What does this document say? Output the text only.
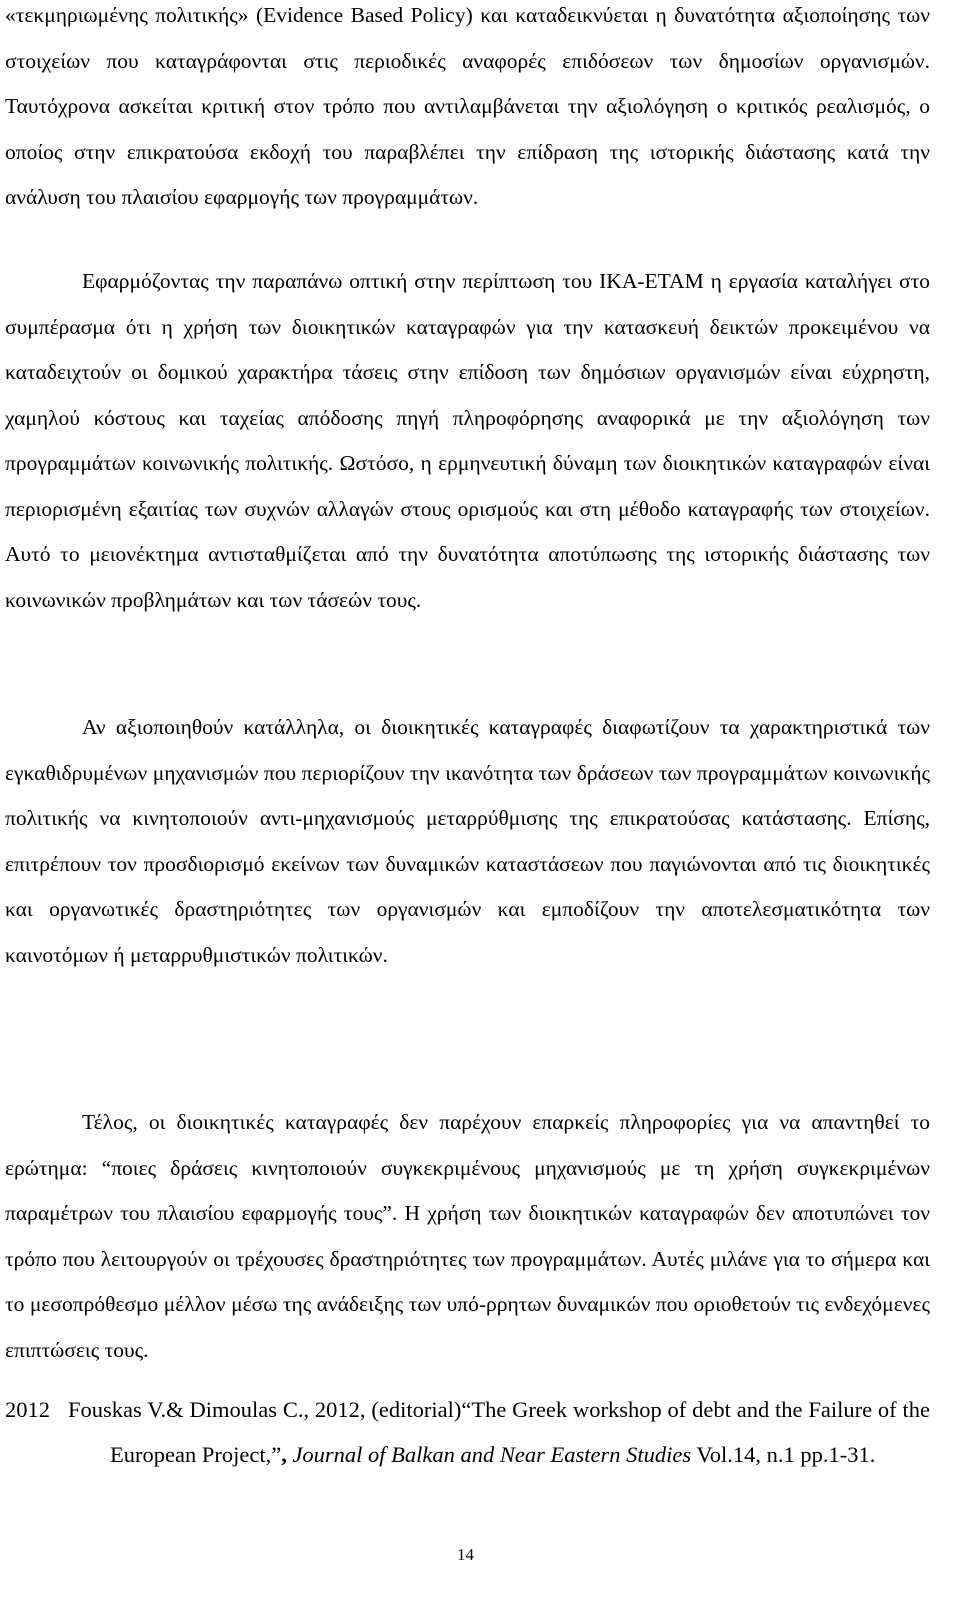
«τεκμηριωμένης πολιτικής» (Evidence Based Policy) και καταδεικνύεται η δυνατότητα αξιοποίησης των στοιχείων που καταγράφονται στις περιοδικές αναφορές επιδόσεων των δημοσίων οργανισμών. Ταυτόχρονα ασκείται κριτική στον τρόπο που αντιλαμβάνεται την αξιολόγηση ο κριτικός ρεαλισμός, ο οποίος στην επικρατούσα εκδοχή του παραβλέπει την επίδραση της ιστορικής διάστασης κατά την ανάλυση του πλαισίου εφαρμογής των προγραμμάτων.

Εφαρμόζοντας την παραπάνω οπτική στην περίπτωση του ΙΚΑ-ΕΤΑΜ η εργασία καταλήγει στο συμπέρασμα ότι η χρήση των διοικητικών καταγραφών για την κατασκευή δεικτών προκειμένου να καταδειχτούν οι δομικού χαρακτήρα τάσεις στην επίδοση των δημόσιων οργανισμών είναι εύχρηστη, χαμηλού κόστους και ταχείας απόδοσης πηγή πληροφόρησης αναφορικά με την αξιολόγηση των προγραμμάτων κοινωνικής πολιτικής. Ωστόσο, η ερμηνευτική δύναμη των διοικητικών καταγραφών είναι περιορισμένη εξαιτίας των συχνών αλλαγών στους ορισμούς και στη μέθοδο καταγραφής των στοιχείων. Αυτό το μειονέκτημα αντισταθμίζεται από την δυνατότητα αποτύπωσης της ιστορικής διάστασης των κοινωνικών προβλημάτων και των τάσεών τους.

Αν αξιοποιηθούν κατάλληλα, οι διοικητικές καταγραφές διαφωτίζουν τα χαρακτηριστικά των εγκαθιδρυμένων μηχανισμών που περιορίζουν την ικανότητα των δράσεων των προγραμμάτων κοινωνικής πολιτικής να κινητοποιούν αντι-μηχανισμούς μεταρρύθμισης της επικρατούσας κατάστασης. Επίσης, επιτρέπουν τον προσδιορισμό εκείνων των δυναμικών καταστάσεων που παγιώνονται από τις διοικητικές και οργανωτικές δραστηριότητες των οργανισμών και εμποδίζουν την αποτελεσματικότητα των καινοτόμων ή μεταρρυθμιστικών πολιτικών.

Τέλος, οι διοικητικές καταγραφές δεν παρέχουν επαρκείς πληροφορίες για να απαντηθεί το ερώτημα: “ποιες δράσεις κινητοποιούν συγκεκριμένους μηχανισμούς με τη χρήση συγκεκριμένων παραμέτρων του πλαισίου εφαρμογής τους”. Η χρήση των διοικητικών καταγραφών δεν αποτυπώνει τον τρόπο που λειτουργούν οι τρέχουσες δραστηριότητες των προγραμμάτων. Αυτές μιλάνε για το σήμερα και το μεσοπρόθεσμο μέλλον μέσω της ανάδειξης των υπό-ρρητων δυναμικών που οριοθετούν τις ενδεχόμενες επιπτώσεις τους.

2012 Fouskas V.& Dimoulas C., 2012, (editorial)“The Greek workshop of debt and the Failure of the European Project,”, Journal of Balkan and Near Eastern Studies Vol.14, n.1 pp.1-31.
14
